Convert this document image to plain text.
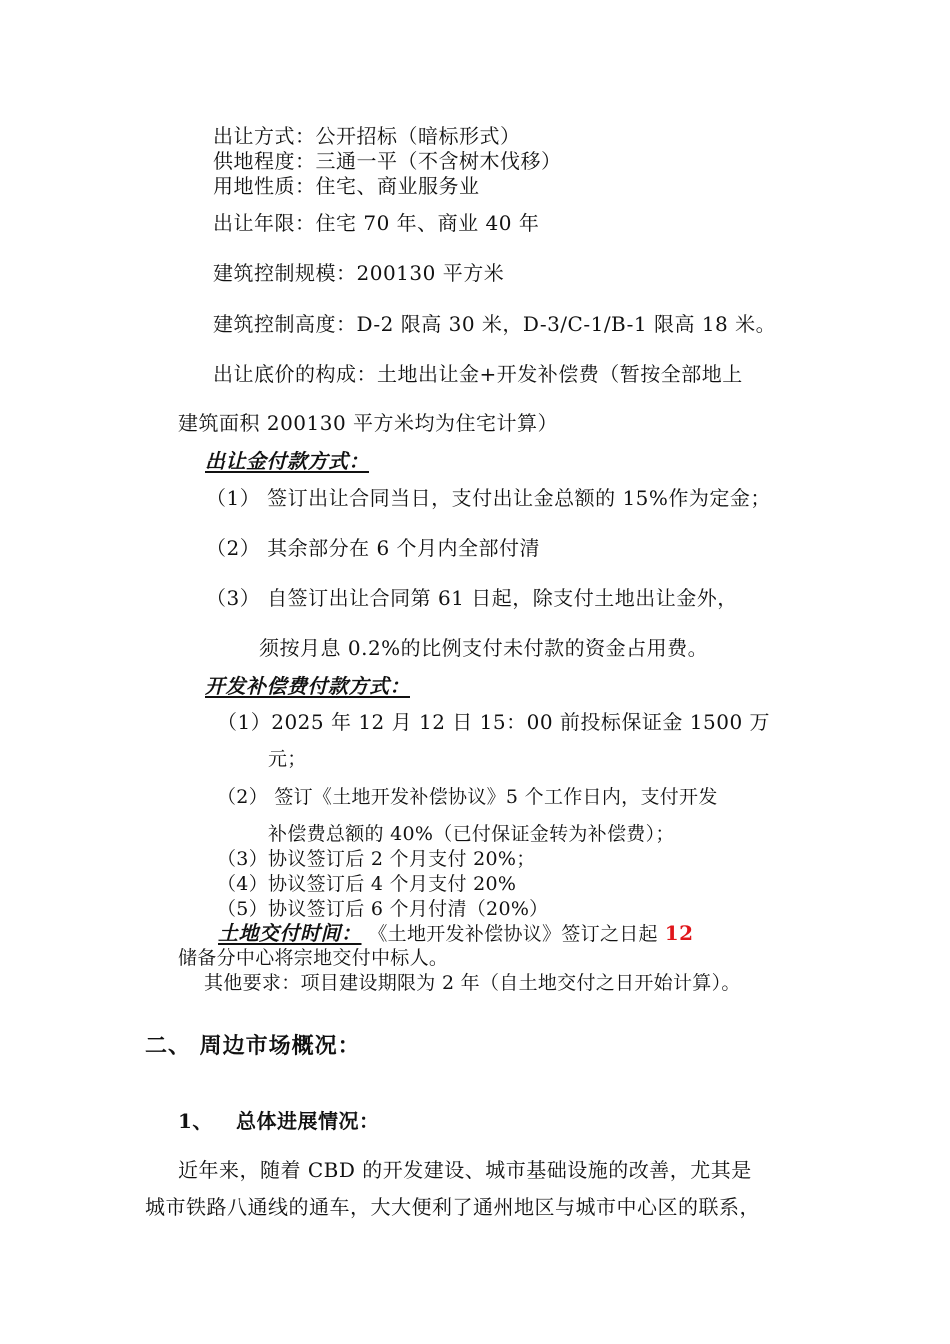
出让方式：公开招标（暗标形式）
供地程度：三通一平（不含树木伐移）
用地性质：住宅、商业服务业
出让年限：住宅 70 年、商业 40 年
建筑控制规模：200130 平方米
建筑控制高度：D-2 限高 30 米，D-3/C-1/B-1 限高 18 米。
出让底价的构成：土地出让金+开发补偿费（暂按全部地上
建筑面积 200130 平方米均为住宅计算）
出让金付款方式：
（1） 签订出让合同当日，支付出让金总额的 15%作为定金；
（2） 其余部分在 6 个月内全部付清
（3） 自签订出让合同第 61 日起，除支付土地出让金外，
须按月息 0.2%的比例支付未付款的资金占用费。
开发补偿费付款方式：
（1）2025 年 12 月 12 日 15：00 前投标保证金 1500 万
元；
（2） 签订《土地开发补偿协议》5 个工作日内，支付开发
补偿费总额的 40%（已付保证金转为补偿费）；
（3）协议签订后 2 个月支付 20%；
（4）协议签订后 4 个月支付 20%
（5）协议签订后 6 个月付清（20%）
土地交付时间： 《土地开发补偿协议》签订之日起 12
储备分中心将宗地交付中标人。
其他要求：项目建设期限为 2 年（自土地交付之日开始计算）。
二、 周边市场概况：
1、 总体进展情况：
近年来，随着 CBD 的开发建设、城市基础设施的改善，尤其是
城市铁路八通线的通车，大大便利了通州地区与城市中心区的联系，
